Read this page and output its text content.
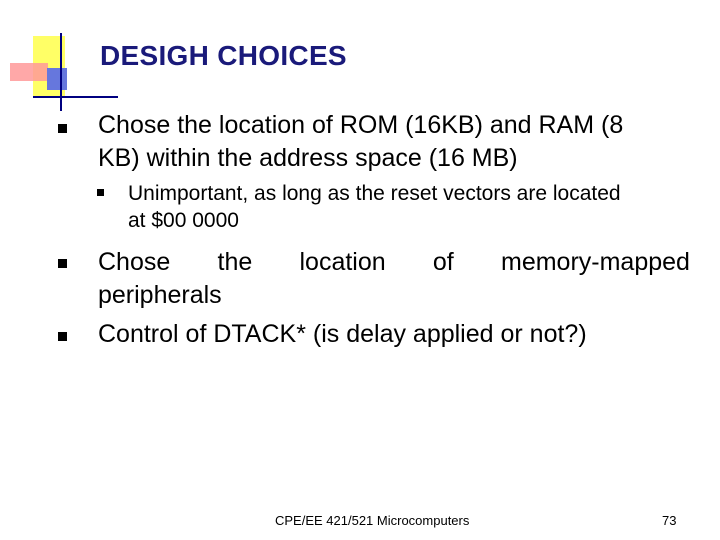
DESIGH CHOICES
Chose the location of ROM (16KB) and RAM (8
KB) within the address space (16 MB)
Unimportant, as long as the reset vectors are located
at $00 0000
Chose the location of memory-mapped
peripherals
Control of DTACK* (is delay applied or not?)
CPE/EE 421/521 Microcomputers	73
